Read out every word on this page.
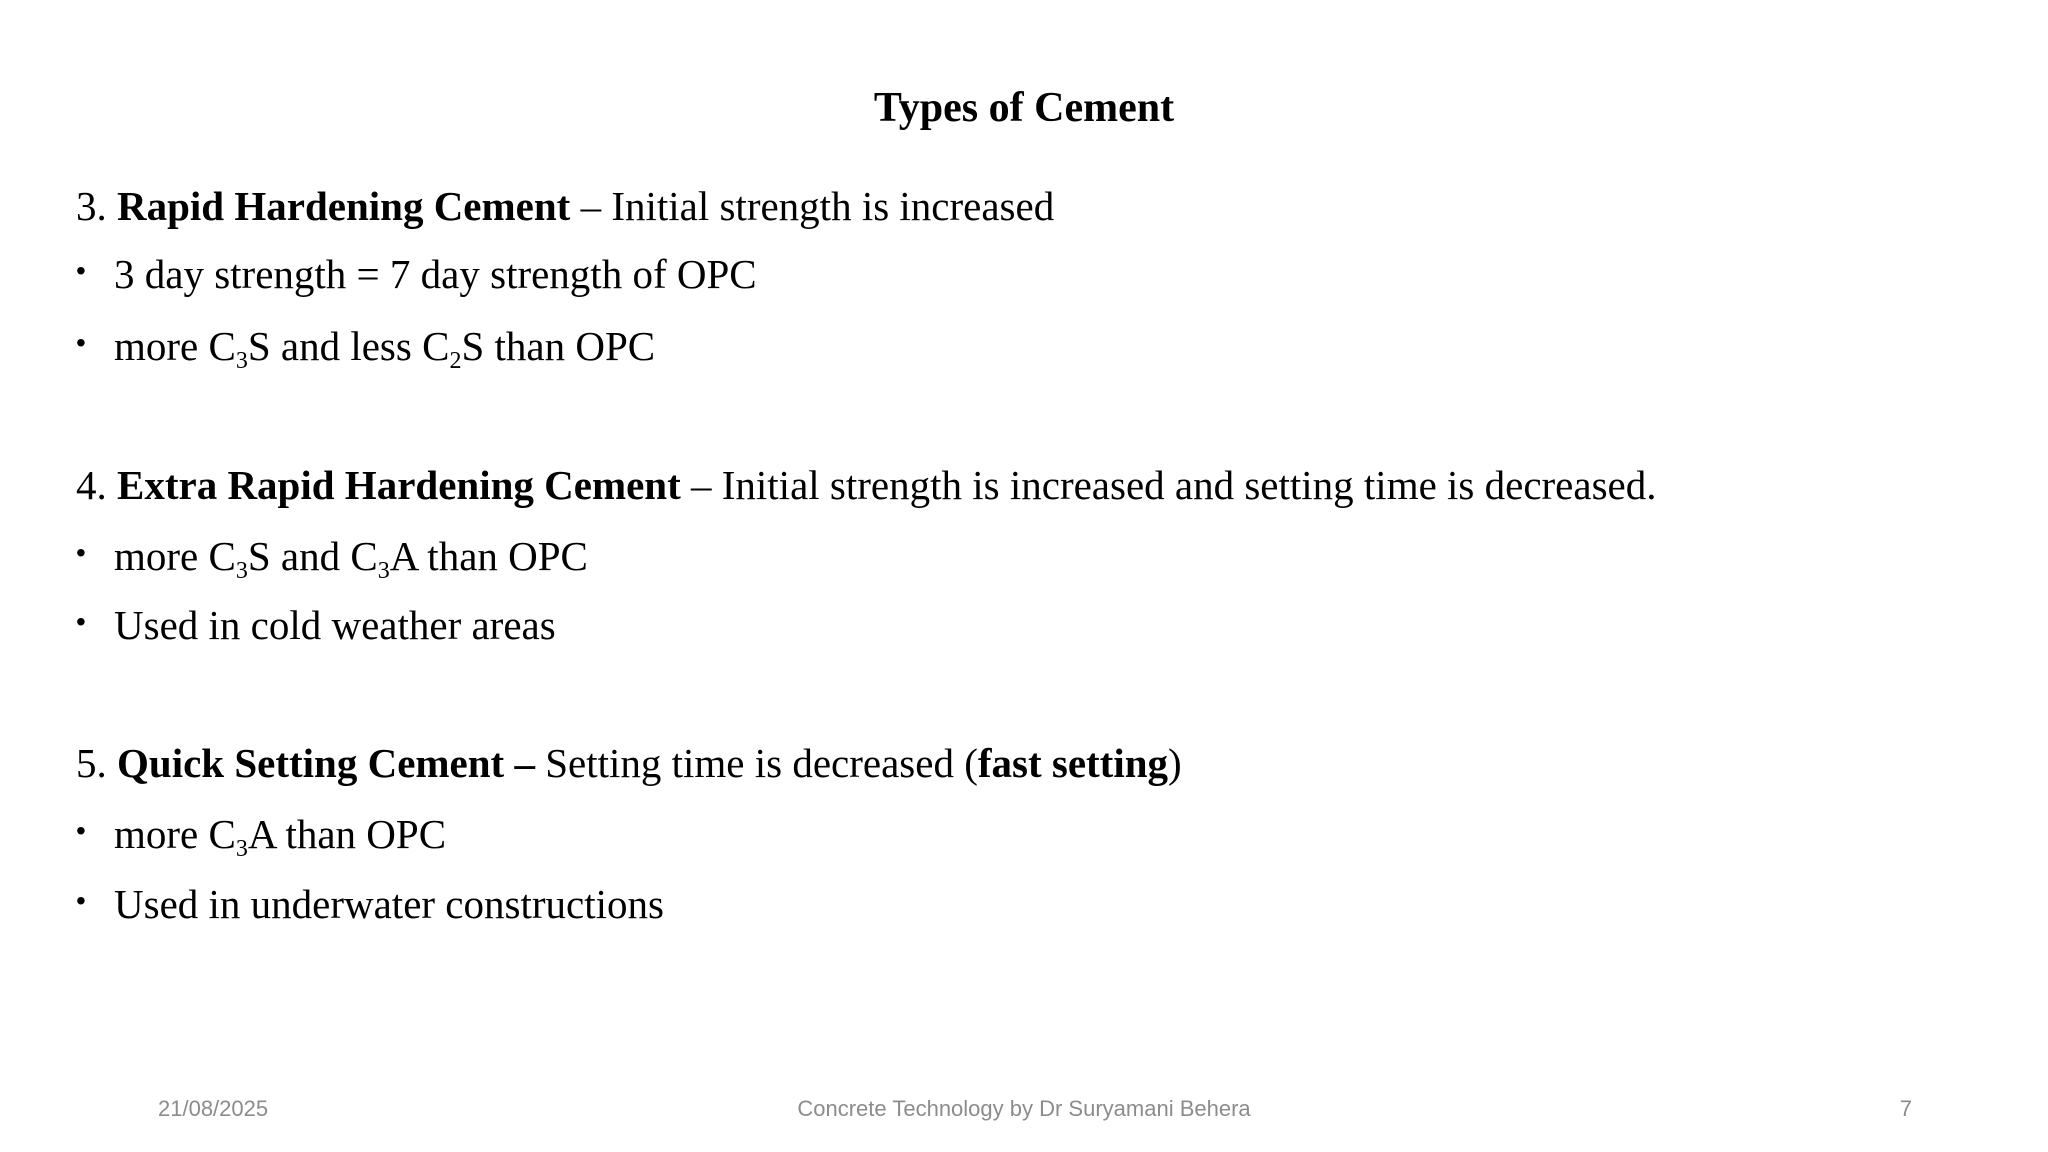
Types of Cement
3. Rapid Hardening Cement – Initial strength is increased
• 3 day strength = 7 day strength of OPC
• more $C_3S$ and less $C_2S$ than OPC
4. Extra Rapid Hardening Cement – Initial strength is increased and setting time is decreased.
• more $C_3S$ and $C_3A$ than OPC
• Used in cold weather areas
5. Quick Setting Cement – Setting time is decreased (fast setting)
• more $C_3A$ than OPC
• Used in underwater constructions
21/08/2025	Concrete Technology by Dr Suryamani Behera	7
